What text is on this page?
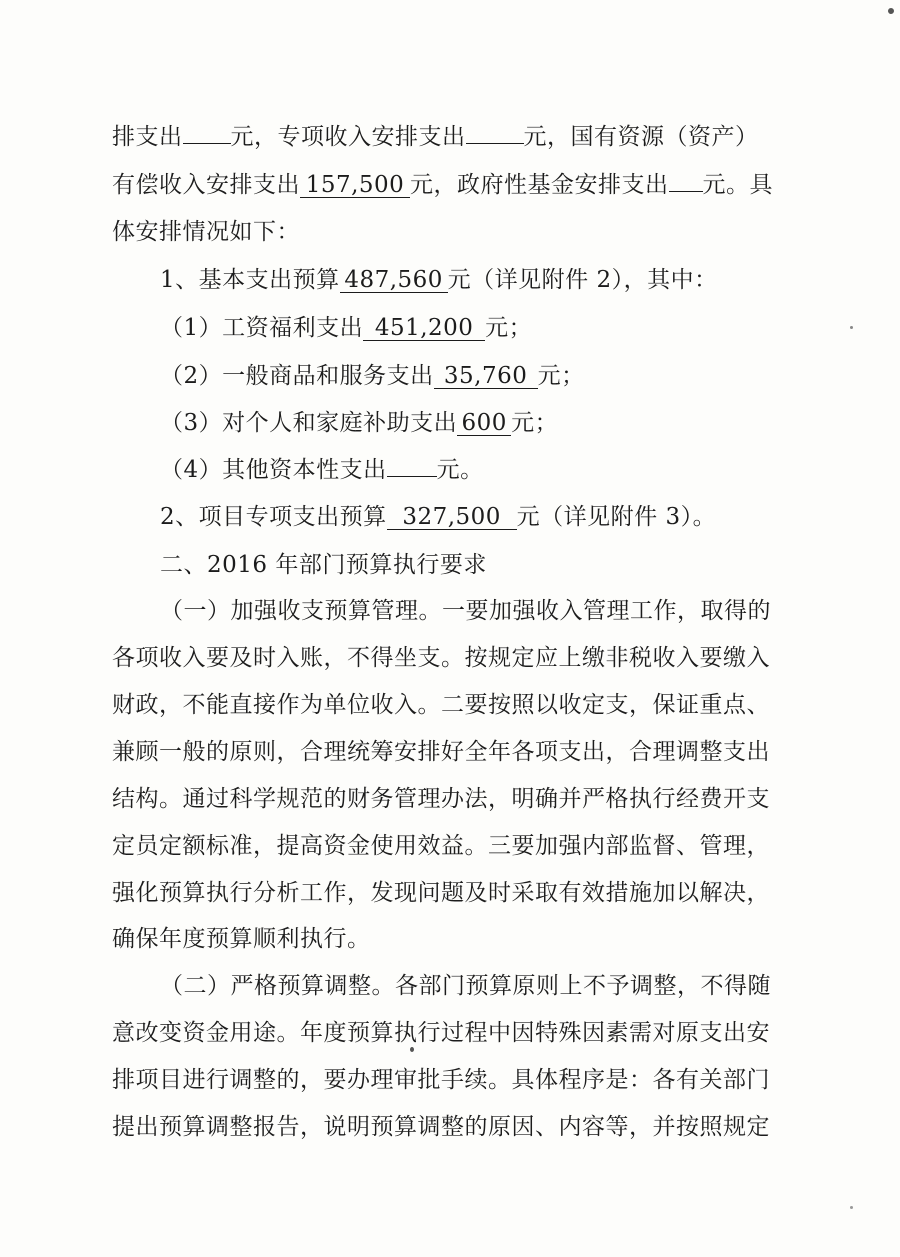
排支出 元，专项收入安排支出	元，国有资源（资产）
有偿收入安排支出 157,500 元，政府性基金安排支出 元。具
体安排情况如下：
1、基本支出预算 487,560 元（详见附件 2），其中：
（1）工资福利支出 451,200 元；
（2）一般商品和服务支出 35,760 元；
（3）对个人和家庭补助支出 600 元；
（4）其他资本性支出 元。
2、项目专项支出预算 327,500 元（详见附件 3）。
二、2016 年部门预算执行要求
（一）加强收支预算管理。一要加强收入管理工作，取得的
各项收入要及时入账，不得坐支。按规定应上缴非税收入要缴入
财政，不能直接作为单位收入。二要按照以收定支，保证重点、
兼顾一般的原则，合理统筹安排好全年各项支出，合理调整支出
结构。通过科学规范的财务管理办法，明确并严格执行经费开支
定员定额标准，提高资金使用效益。三要加强内部监督、管理，
强化预算执行分析工作，发现问题及时采取有效措施加以解决，
确保年度预算顺利执行。
（二）严格预算调整。各部门预算原则上不予调整，不得随
意改变资金用途。年度预算执行过程中因特殊因素需对原支出安
排项目进行调整的，要办理审批手续。具体程序是：各有关部门
提出预算调整报告，说明预算调整的原因、内容等，并按照规定
